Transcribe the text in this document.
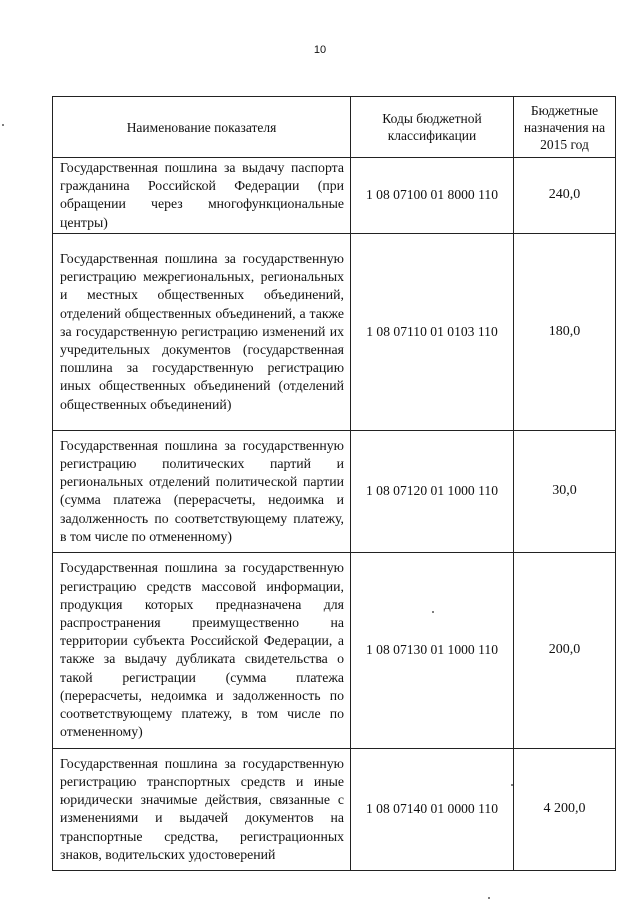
10
Наименование показателя	Коды бюджетной классификации	Бюджетные назначения на 2015 год
Государственная пошлина за выдачу паспорта гражданина Российской Федерации (при обращении через многофункциональные центры)	1 08 07100 01 8000 110	240,0
Государственная пошлина за государственную регистрацию межрегиональных, региональных и местных общественных объединений, отделений общественных объединений, а также за государственную регистрацию изменений их учредительных документов (государственная пошлина за государственную регистрацию иных общественных объединений (отделений общественных объединений)	1 08 07110 01 0103 110	180,0
Государственная пошлина за государственную регистрацию политических партий и региональных отделений политической партии (сумма платежа (перерасчеты, недоимка и задолженность по соответствующему платежу, в том числе по отмененному)	1 08 07120 01 1000 110	30,0
Государственная пошлина за государственную регистрацию средств массовой информации, продукция которых предназначена для распространения преимущественно на территории субъекта Российской Федерации, а также за выдачу дубликата свидетельства о такой регистрации (сумма платежа (перерасчеты, недоимка и задолженность по соответствующему платежу, в том числе по отмененному)	1 08 07130 01 1000 110	200,0
Государственная пошлина за государственную регистрацию транспортных средств и иные юридически значимые действия, связанные с изменениями и выдачей документов на транспортные средства, регистрационных знаков, водительских удостоверений	1 08 07140 01 0000 110	4 200,0
